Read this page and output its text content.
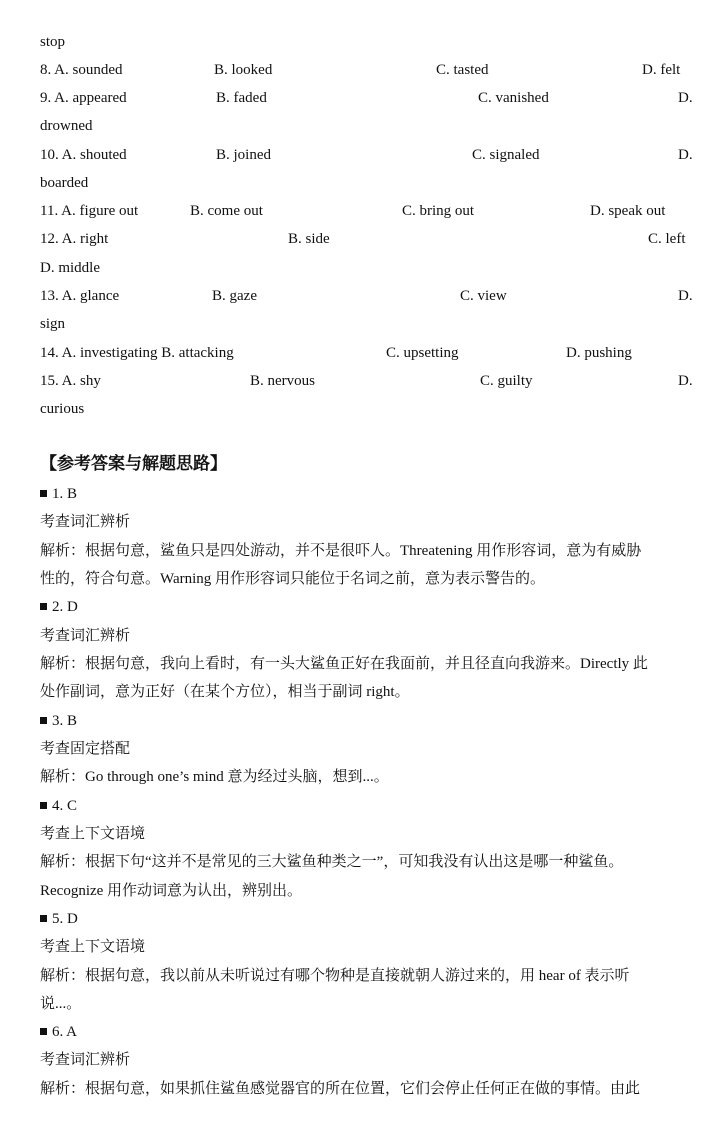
stop
8. A. sounded	B. looked	C. tasted	D. felt
9. A. appeared	B. faded	C. vanished	D.
drowned
10. A. shouted	B. joined	C. signaled	D.
boarded
11. A. figure out	B. come out	C. bring out	D. speak out
12. A. right	B. side	C. left
D. middle
13. A. glance	B. gaze	C. view	D.
sign
14. A. investigating B. attacking	C. upsetting	D. pushing
15. A. shy	B. nervous	C. guilty	D.
curious
【参考答案与解题思路】
1. B
考查词汇辨析
解析：根据句意，鲨鱼只是四处游动，并不是很吓人。Threatening 用作形容词，意为有威胁
性的，符合句意。Warning 用作形容词只能位于名词之前，意为表示警告的。
2. D
考查词汇辨析
解析：根据句意，我向上看时，有一头大鲨鱼正好在我面前，并且径直向我游来。Directly 此
处作副词，意为正好（在某个方位），相当于副词 right。
3. B
考查固定搭配
解析：Go through one’s mind 意为经过头脑，想到...。
4. C
考查上下文语境
解析：根据下句“这并不是常见的三大鲨鱼种类之一”，可知我没有认出这是哪一种鲨鱼。
Recognize 用作动词意为认出，辨别出。
5. D
考查上下文语境
解析：根据句意，我以前从未听说过有哪个物种是直接就朝人游过来的，用 hear of 表示听
说...。
6. A
考查词汇辨析
解析：根据句意，如果抓住鲨鱼感觉器官的所在位置，它们会停止任何正在做的事情。由此
